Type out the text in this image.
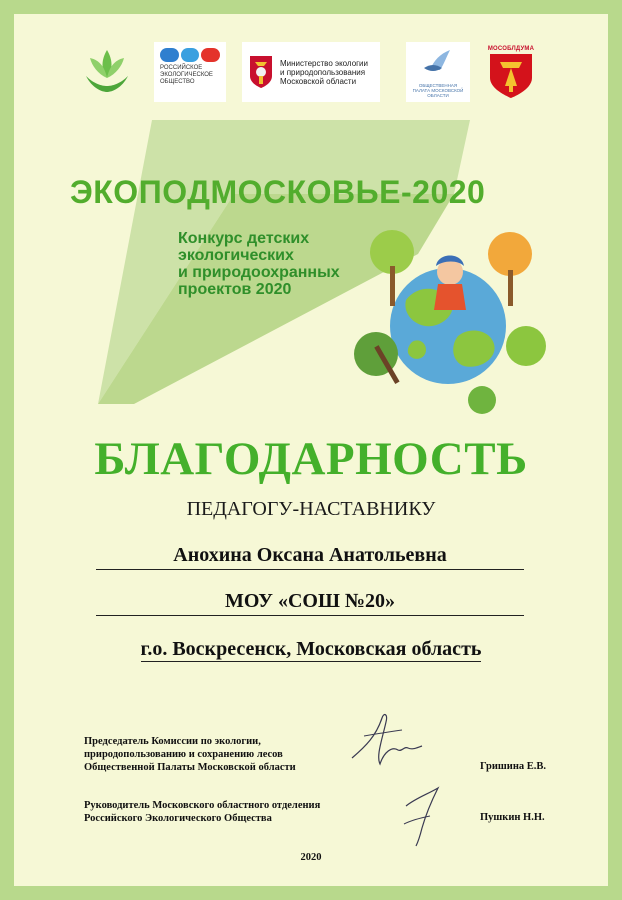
РОССИЙСКОЕ ЭКОЛОГИЧЕСКОЕ ОБЩЕСТВО
Министерство экологии
и природопользования
Московской области	ОБЩЕСТВЕННАЯ ПАЛАТА МОСКОВСКОЙ ОБЛАСТИ
МОСОБЛДУМА
ЭКОПОДМОСКОВЬЕ-2020
Конкурс детских
экологических
и природоохранных
проектов 2020
БЛАГОДАРНОСТЬ
ПЕДАГОГУ-НАСТАВНИКУ
Анохина Оксана Анатольевна
МОУ «СОШ №20»
г.о. Воскресенск, Московская область
Председатель Комиссии по экологии,
природопользованию и сохранению лесов
Общественной Палаты Московской области	Гришина Е.В.
Руководитель Московского областного отделения
Российского Экологического Общества	Пушкин Н.Н.
2020
